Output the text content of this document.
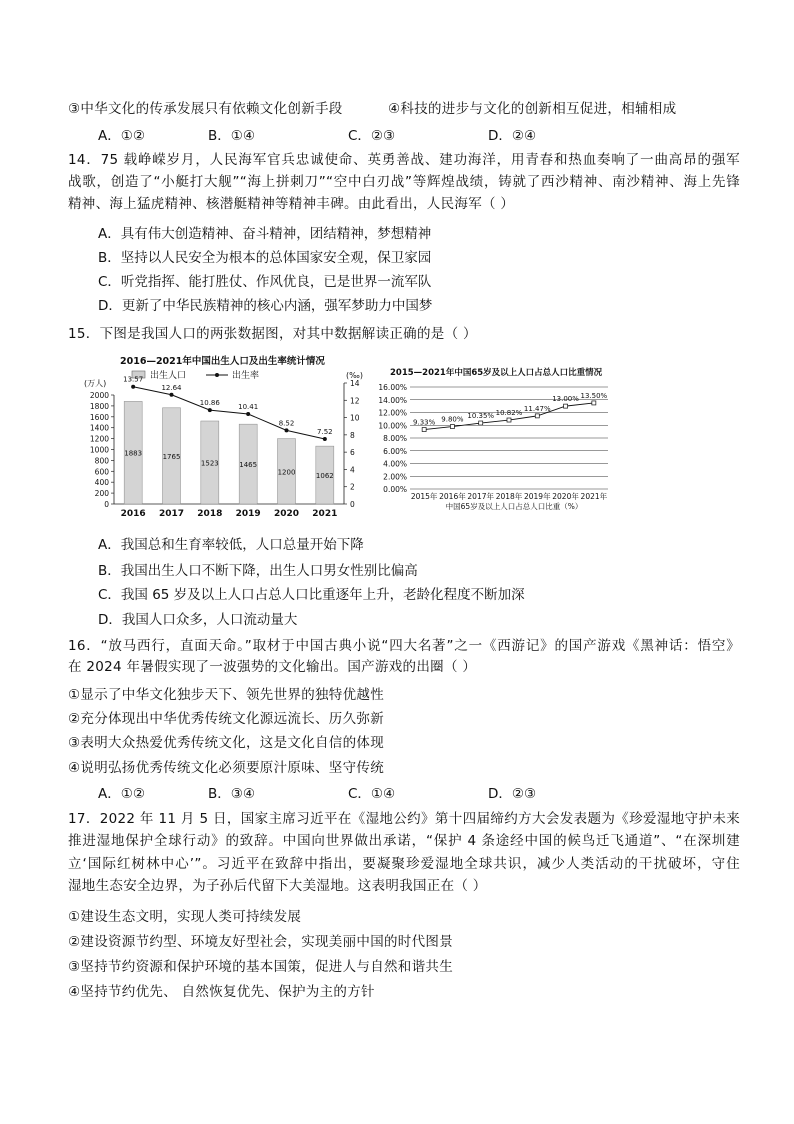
③中华文化的传承发展只有依赖文化创新手段	④科技的进步与文化的创新相互促进，相辅相成
A．①②	B．①④	C．②③	D．②④
14．75 载峥嵘岁月，人民海军官兵忠诚使命、英勇善战、建功海洋，用青春和热血奏响了一曲高昂的强军
战歌，创造了“小艇打大舰”“海上拼刺刀”“空中白刃战”等辉煌战绩，铸就了西沙精神、南沙精神、海上先锋
精神、海上猛虎精神、核潜艇精神等精神丰碑。由此看出，人民海军（ ）
A．具有伟大创造精神、奋斗精神，团结精神，梦想精神
B．坚持以人民安全为根本的总体国家安全观，保卫家园
C．听党指挥、能打胜仗、作风优良，已是世界一流军队
D．更新了中华民族精神的核心内涵，强军梦助力中国梦
15．下图是我国人口的两张数据图，对其中数据解读正确的是（ ）
2016—2021年中国出生人口及出生率统计情况
出生人口	出生率
(万人)
(‰)
0
200
400
600
800
1000
1200
1400
1600
1800
2000
0
2
4
6
8
10
12
14
1883	1765
1523	1465
1200	1062
13.57
12.64
10.86	10.41
8.52
7.52
2016 2017 2018 2019 2020 2021
2015—2021年中国65岁及以上人口占总人口比重情况
0.00%
2.00%
4.00%
6.00%
8.00%
10.00%
12.00%
14.00%
16.00%
9.33% 9.80% 10.35% 10.82%
11.47%
13.00% 13.50%
2015年 2016年 2017年 2018年 2019年 2020年 2021年
中国65岁及以上人口占总人口比重（%）
A．我国总和生育率较低，人口总量开始下降
B．我国出生人口不断下降，出生人口男女性别比偏高
C．我国 65 岁及以上人口占总人口比重逐年上升，老龄化程度不断加深
D．我国人口众多，人口流动量大
16．“放马西行，直面天命。”取材于中国古典小说“四大名著”之一《西游记》的国产游戏《黑神话：悟空》
在 2024 年暑假实现了一波强势的文化输出。国产游戏的出圈（ ）
①显示了中华文化独步天下、领先世界的独特优越性
②充分体现出中华优秀传统文化源远流长、历久弥新
③表明大众热爱优秀传统文化，这是文化自信的体现
④说明弘扬优秀传统文化必须要原汁原味、坚守传统
A．①②	B．③④	C．①④	D．②③
17．2022 年 11 月 5 日，国家主席习近平在《湿地公约》第十四届缔约方大会发表题为《珍爱湿地守护未来
推进湿地保护全球行动》的致辞。中国向世界做出承诺，“保护 4 条途经中国的候鸟迁飞通道”、“在深圳建
立‘国际红树林中心’”。习近平在致辞中指出，要凝聚珍爱湿地全球共识，减少人类活动的干扰破坏，守住
湿地生态安全边界，为子孙后代留下大美湿地。这表明我国正在（ ）
①建设生态文明，实现人类可持续发展
②建设资源节约型、环境友好型社会，实现美丽中国的时代图景
③坚持节约资源和保护环境的基本国策，促进人与自然和谐共生
④坚持节约优先、 自然恢复优先、保护为主的方针
